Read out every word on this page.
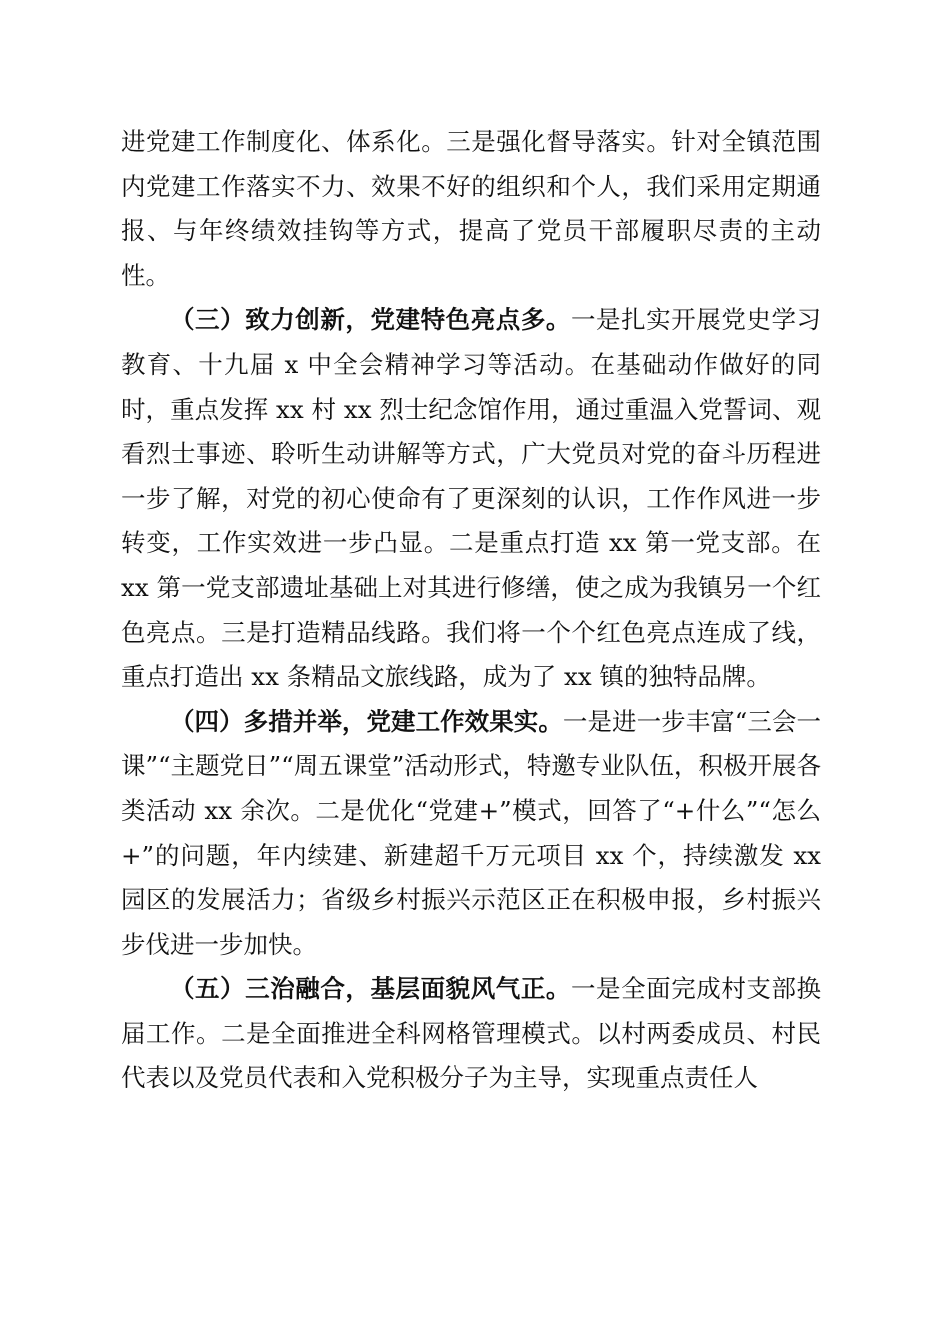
进党建工作制度化、体系化。三是强化督导落实。针对全镇范围内党建工作落实不力、效果不好的组织和个人，我们采用定期通报、与年终绩效挂钩等方式，提高了党员干部履职尽责的主动性。

（三）致力创新，党建特色亮点多。一是扎实开展党史学习教育、十九届 x 中全会精神学习等活动。在基础动作做好的同时，重点发挥 xx 村 xx 烈士纪念馆作用，通过重温入党誓词、观看烈士事迹、聆听生动讲解等方式，广大党员对党的奋斗历程进一步了解，对党的初心使命有了更深刻的认识，工作作风进一步转变，工作实效进一步凸显。二是重点打造 xx 第一党支部。在 xx 第一党支部遗址基础上对其进行修缮，使之成为我镇另一个红色亮点。三是打造精品线路。我们将一个个红色亮点连成了线，重点打造出 xx 条精品文旅线路，成为了 xx 镇的独特品牌。

（四）多措并举，党建工作效果实。一是进一步丰富“三会一课”“主题党日”“周五课堂”活动形式，特邀专业队伍，积极开展各类活动 xx 余次。二是优化“党建+”模式，回答了“+什么”“怎么+”的问题，年内续建、新建超千万元项目 xx 个，持续激发 xx 园区的发展活力；省级乡村振兴示范区正在积极申报，乡村振兴步伐进一步加快。

（五）三治融合，基层面貌风气正。一是全面完成村支部换届工作。二是全面推进全科网格管理模式。以村两委成员、村民代表以及党员代表和入党积极分子为主导，实现重点责任人
